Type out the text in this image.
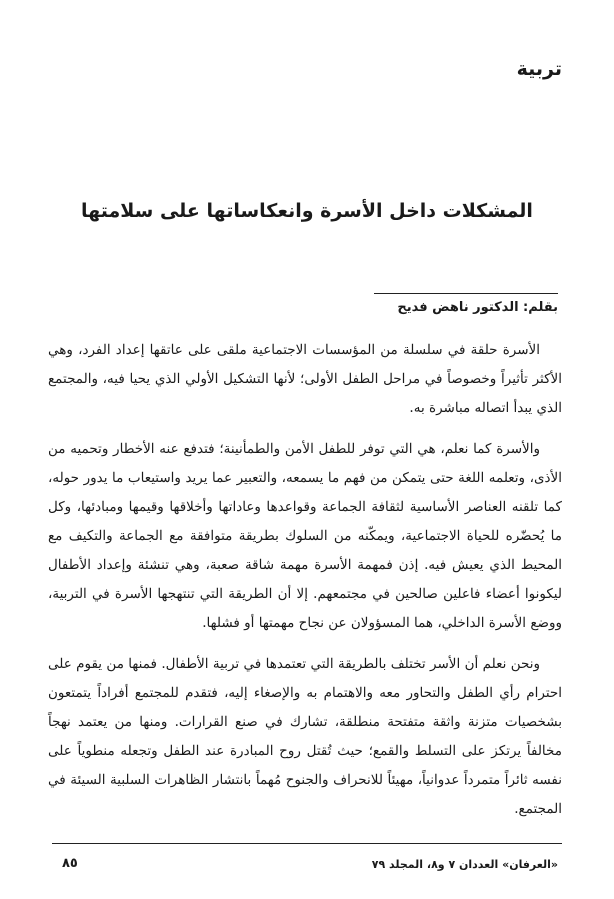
تربية
المشكلات داخل الأسرة وانعكاساتها على سلامتها

بقلم: الدكتور ناهض فديح

الأسرة حلقة في سلسلة من المؤسسات الاجتماعية ملقى على عاتقها إعداد الفرد، وهي الأكثر تأثيراً وخصوصاً في مراحل الطفل الأولى؛ لأنها التشكيل الأولي الذي يحيا فيه، والمجتمع الذي يبدأ اتصاله مباشرة به.

والأسرة كما نعلم، هي التي توفر للطفل الأمن والطمأنينة؛ فتدفع عنه الأخطار وتحميه من الأذى، وتعلمه اللغة حتى يتمكن من فهم ما يسمعه، والتعبير عما يريد واستيعاب ما يدور حوله، كما تلقنه العناصر الأساسية لثقافة الجماعة وقواعدها وعاداتها وأخلاقها وقيمها ومبادئها، وكل ما يُحضّره للحياة الاجتماعية، ويمكّنه من السلوك بطريقة متوافقة مع الجماعة والتكيف مع المحيط الذي يعيش فيه. إذن فمهمة الأسرة مهمة شاقة صعبة، وهي تنشئة وإعداد الأطفال ليكونوا أعضاء فاعلين صالحين في مجتمعهم. إلا أن الطريقة التي تنتهجها الأسرة في التربية، ووضع الأسرة الداخلي، هما المسؤولان عن نجاح مهمتها أو فشلها.

ونحن نعلم أن الأسر تختلف بالطريقة التي تعتمدها في تربية الأطفال. فمنها من يقوم على احترام رأي الطفل والتحاور معه والاهتمام به والإصغاء إليه، فتقدم للمجتمع أفراداً يتمتعون بشخصيات متزنة واثقة متفتحة منطلقة، تشارك في صنع القرارات. ومنها من يعتمد نهجاً مخالفاً يرتكز على التسلط والقمع؛ حيث تُقتل روح المبادرة عند الطفل وتجعله منطوياً على نفسه ثائراً متمرداً عدوانياً، مهيئاً للانحراف والجنوح مُهماً بانتشار الظاهرات السلبية السيئة في المجتمع.

«العرفان» العددان ٧ و٨، المجلد ٧٩

٨٥
